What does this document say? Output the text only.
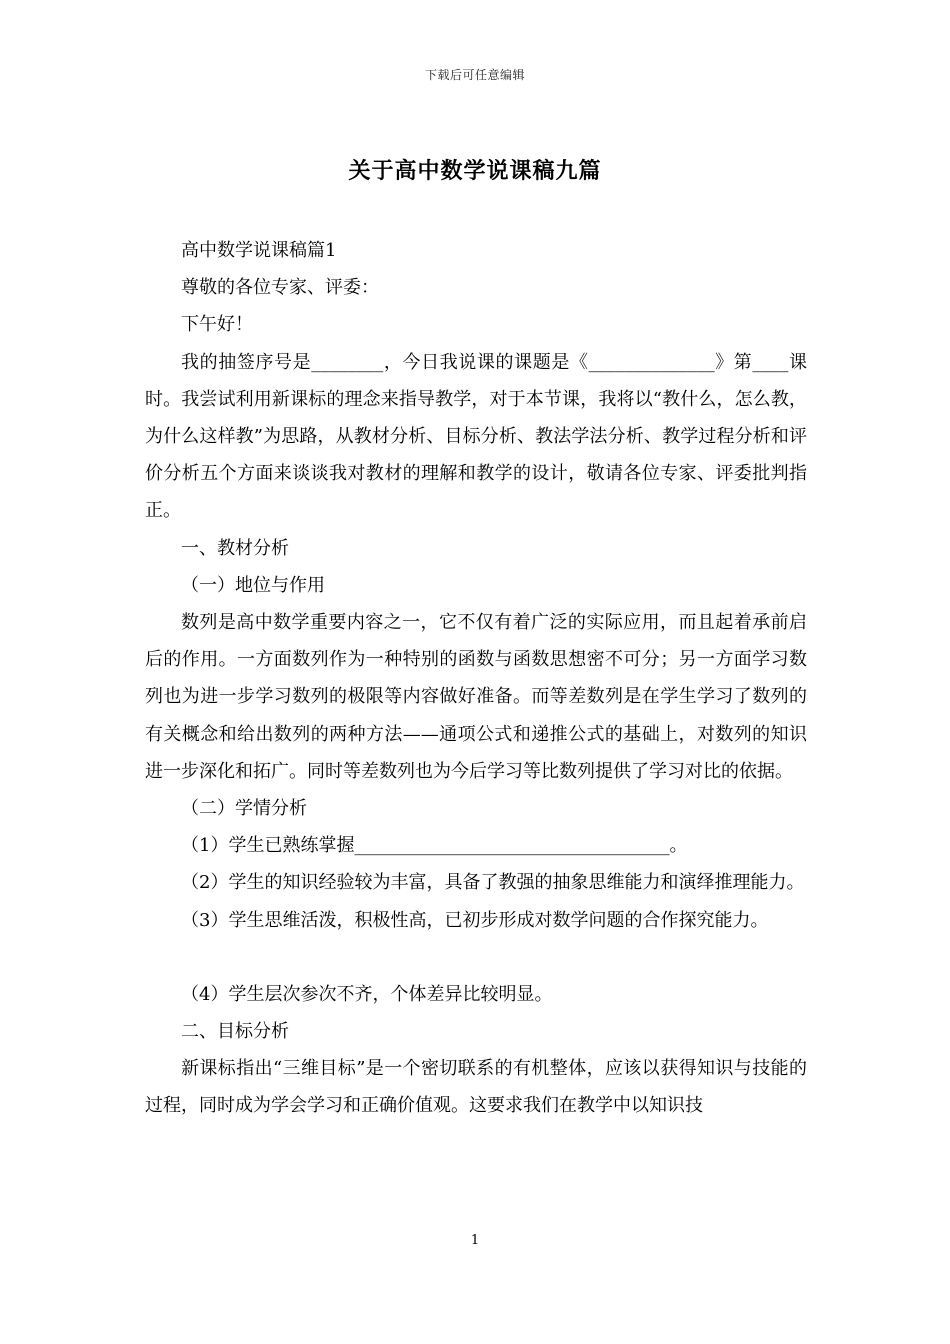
下载后可任意编辑
关于高中数学说课稿九篇

高中数学说课稿篇1

尊敬的各位专家、评委：

下午好！

我的抽签序号是________，今日我说课的课题是《______________》第____课时。我尝试利用新课标的理念来指导教学，对于本节课，我将以“教什么，怎么教，为什么这样教”为思路，从教材分析、目标分析、教法学法分析、教学过程分析和评价分析五个方面来谈谈我对教材的理解和教学的设计，敬请各位专家、评委批判指正。

一、教材分析

（一）地位与作用

数列是高中数学重要内容之一，它不仅有着广泛的实际应用，而且起着承前启后的作用。一方面数列作为一种特别的函数与函数思想密不可分；另一方面学习数列也为进一步学习数列的极限等内容做好准备。而等差数列是在学生学习了数列的有关概念和给出数列的两种方法——通项公式和递推公式的基础上，对数列的知识进一步深化和拓广。同时等差数列也为今后学习等比数列提供了学习对比的依据。

（二）学情分析

（1）学生已熟练掌握___________________________________。

（2）学生的知识经验较为丰富，具备了教强的抽象思维能力和演绎推理能力。

（3）学生思维活泼，积极性高，已初步形成对数学问题的合作探究能力。

（4）学生层次参次不齐，个体差异比较明显。

二、目标分析

新课标指出“三维目标”是一个密切联系的有机整体，应该以获得知识与技能的过程，同时成为学会学习和正确价值观。这要求我们在教学中以知识技

1
